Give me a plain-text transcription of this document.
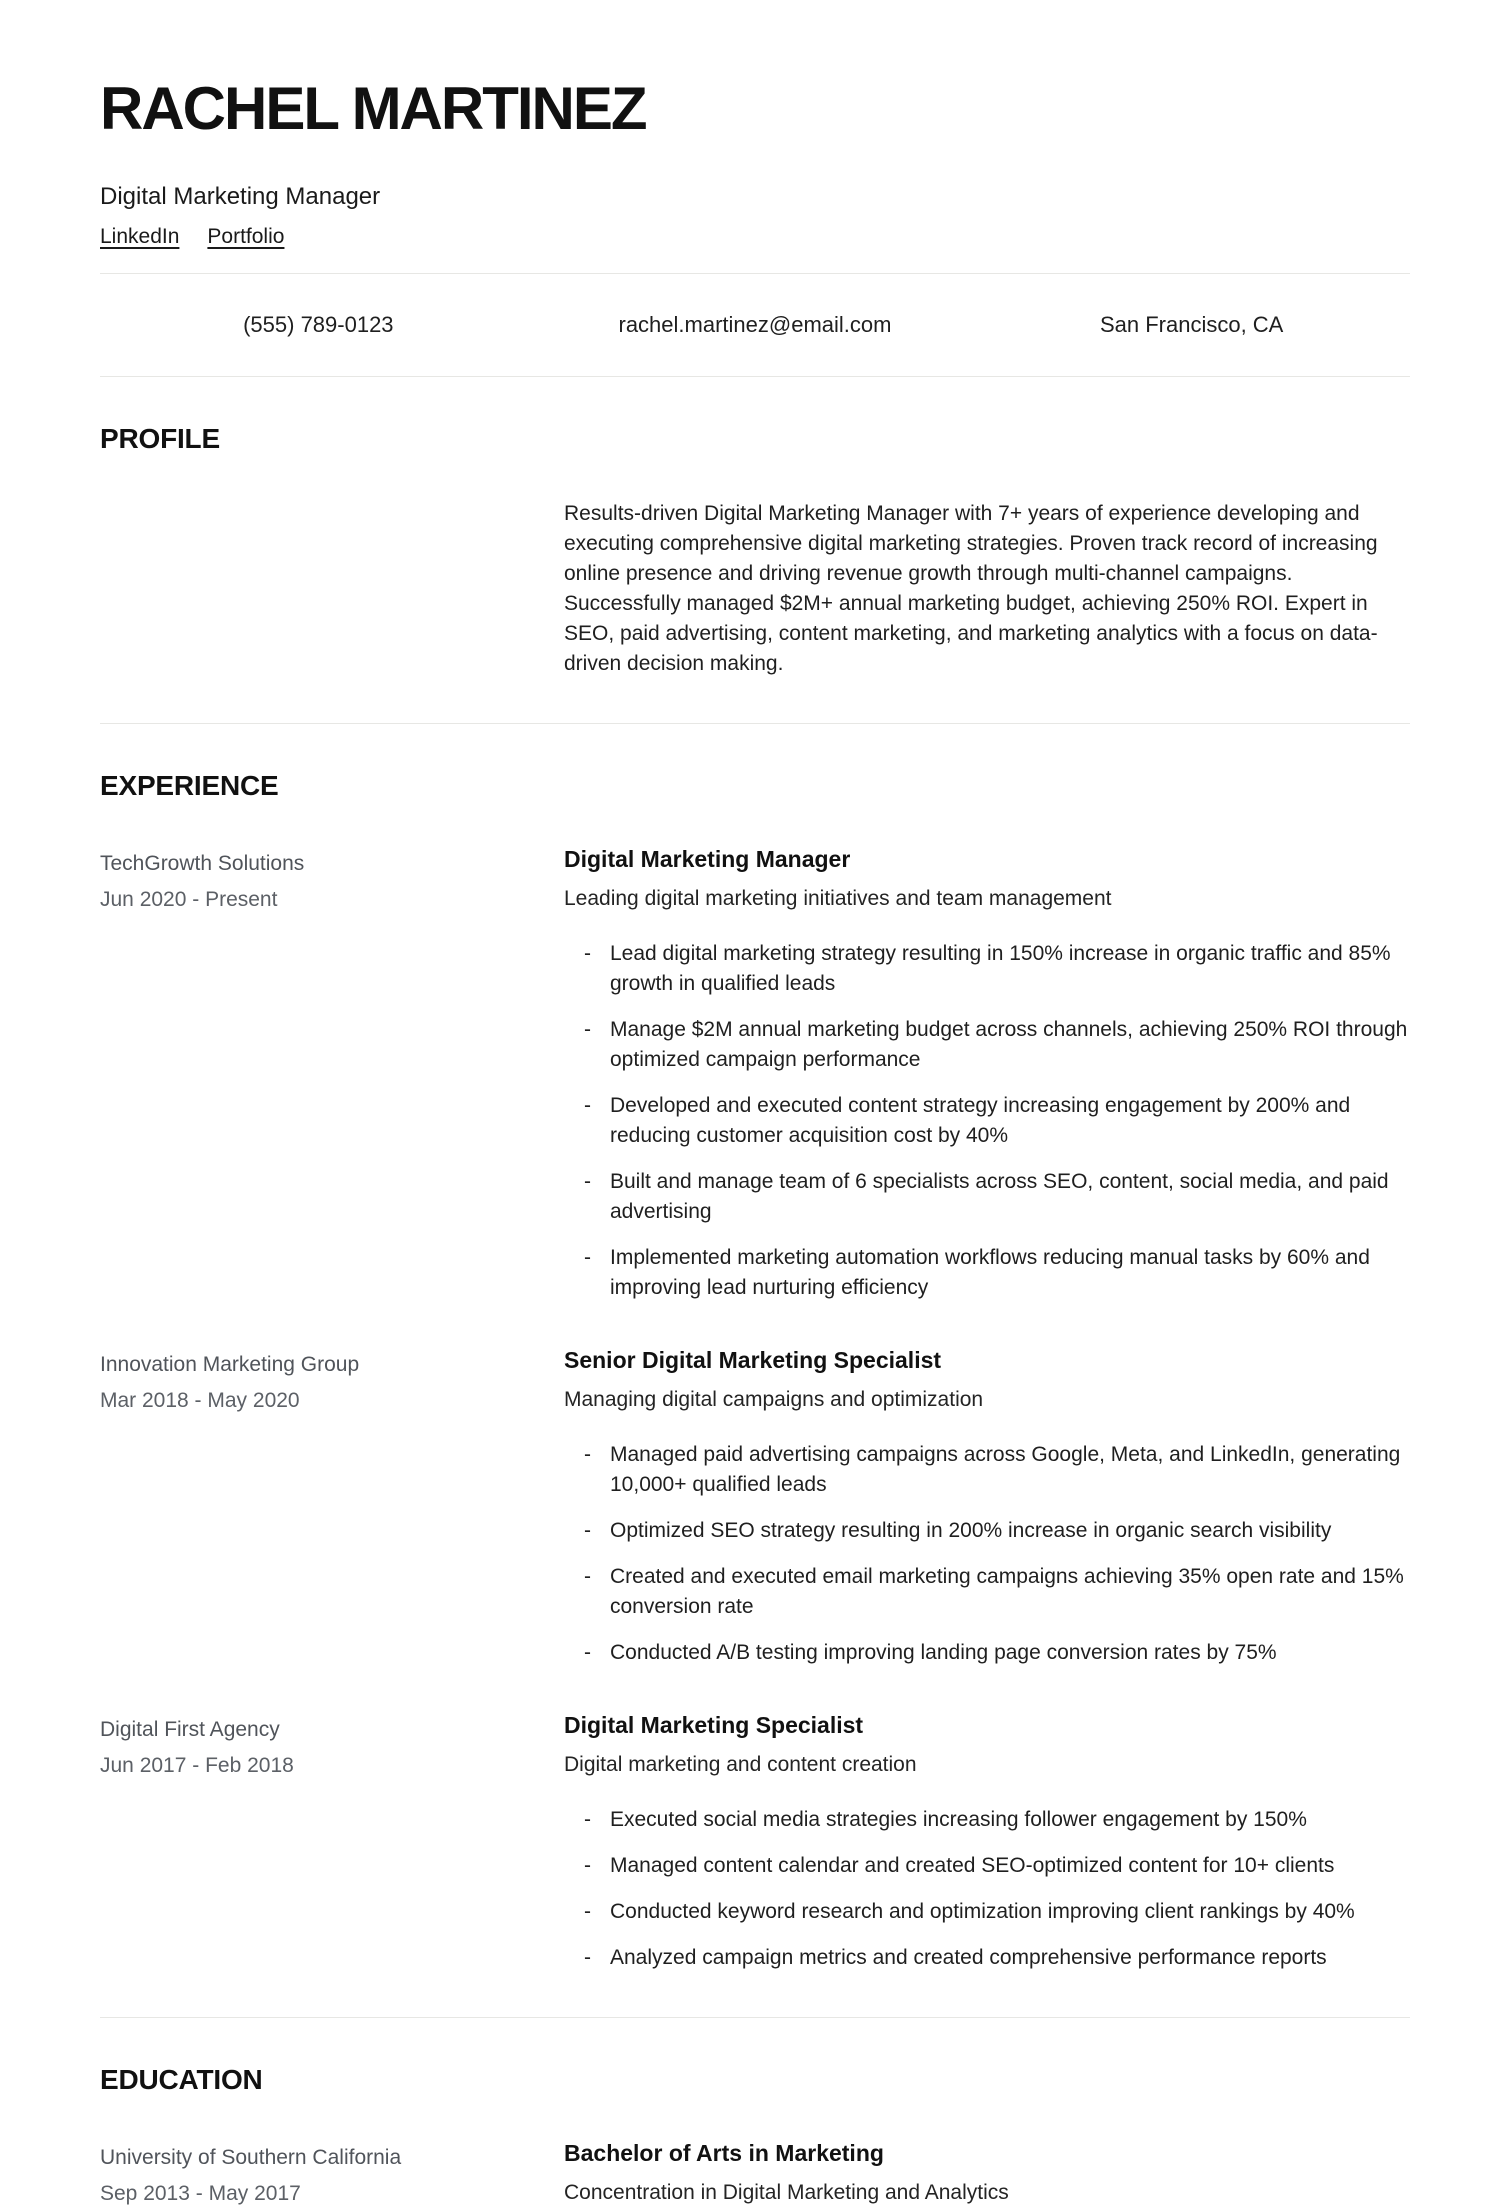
RACHEL MARTINEZ

Digital Marketing Manager

LinkedIn Portfolio
(555) 789-0123	rachel.martinez@email.com	San Francisco, CA
PROFILE

Results-driven Digital Marketing Manager with 7+ years of experience developing and executing comprehensive digital marketing strategies. Proven track record of increasing online presence and driving revenue growth through multi-channel campaigns. Successfully managed $2M+ annual marketing budget, achieving 250% ROI. Expert in SEO, paid advertising, content marketing, and marketing analytics with a focus on data-driven decision making.

EXPERIENCE
TechGrowth Solutions
Jun 2020 - Present
Digital Marketing Manager

Leading digital marketing initiatives and team management

- Lead digital marketing strategy resulting in 150% increase in organic traffic and 85% growth in qualified leads
- Manage $2M annual marketing budget across channels, achieving 250% ROI through optimized campaign performance
- Developed and executed content strategy increasing engagement by 200% and reducing customer acquisition cost by 40%
- Built and manage team of 6 specialists across SEO, content, social media, and paid advertising
- Implemented marketing automation workflows reducing manual tasks by 60% and improving lead nurturing efficiency
Innovation Marketing Group
Mar 2018 - May 2020
Senior Digital Marketing Specialist

Managing digital campaigns and optimization

- Managed paid advertising campaigns across Google, Meta, and LinkedIn, generating 10,000+ qualified leads
- Optimized SEO strategy resulting in 200% increase in organic search visibility
- Created and executed email marketing campaigns achieving 35% open rate and 15% conversion rate
- Conducted A/B testing improving landing page conversion rates by 75%
Digital First Agency
Jun 2017 - Feb 2018
Digital Marketing Specialist

Digital marketing and content creation

- Executed social media strategies increasing follower engagement by 150%
- Managed content calendar and created SEO-optimized content for 10+ clients
- Conducted keyword research and optimization improving client rankings by 40%
- Analyzed campaign metrics and created comprehensive performance reports
EDUCATION
University of Southern California
Sep 2013 - May 2017
Bachelor of Arts in Marketing
Concentration in Digital Marketing and Analytics
